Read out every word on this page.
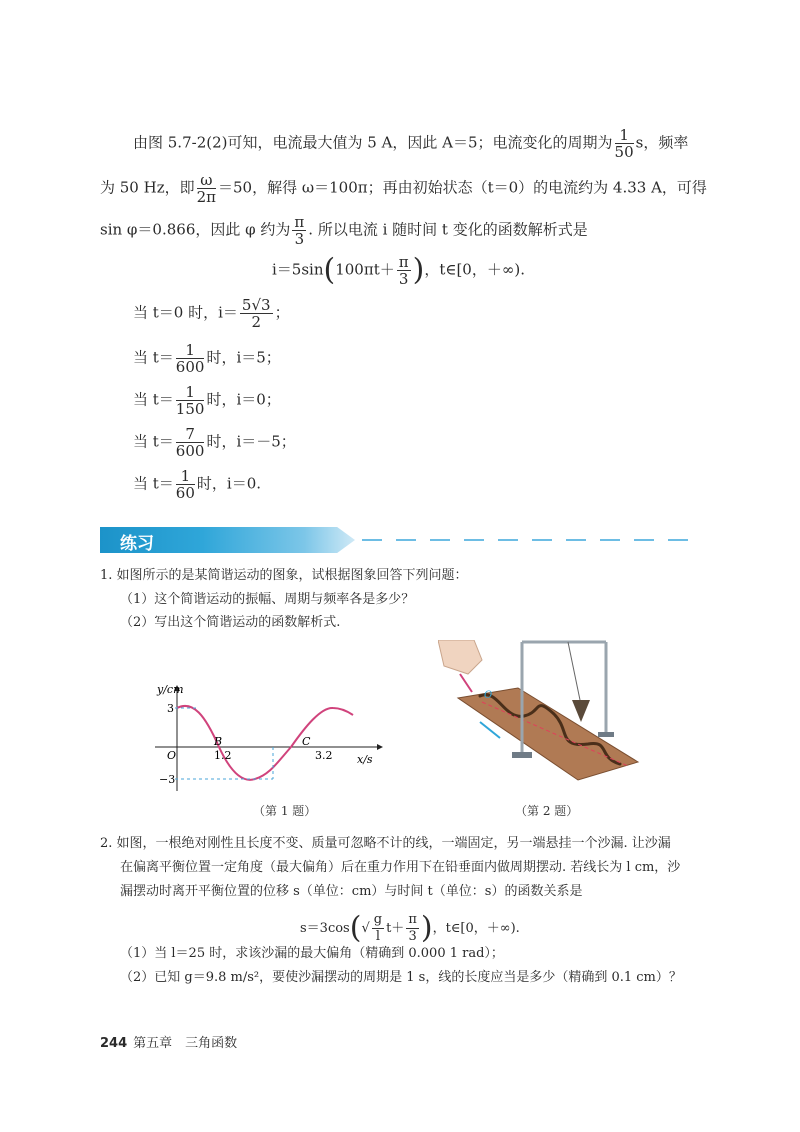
由图 5.7-2(2)可知，电流最大值为 5 A，因此 A＝5；电流变化的周期为 $\frac{1}{50}$ s，频率
为 50 Hz，即 $\frac{\omega}{2\pi} =50$，解得 ω＝100π；再由初始状态（t＝0）的电流约为 4.33 A，可得
sin φ＝0.866，因此 φ 约为 $\frac{\pi}{3}$ . 所以电流 i 随时间 t 变化的函数解析式是
$i=5\sin(100\pi t+ \frac{\pi}{3}$ )，t∈[0，＋∞).
当 t＝0 时，$i= \frac{5√3}{2}$ ；
当 $t= \frac{1}{600}$ 时，i＝5；
当 $t= \frac{1}{150}$ 时，i＝0；
当 $t= \frac{7}{600}$ 时，i＝－5；
当 $t= \frac{1}{60}$ 时，i＝0.
练习
1. 如图所示的是某简谐运动的图象，试根据图象回答下列问题：
（1）这个简谐运动的振幅、周期与频率各是多少？
（2）写出这个简谐运动的函数解析式.
y/cm
x/s
O
3
−3
1.2	3.2
B	C
（第 1 题）
O
（第 2 题）
2. 如图，一根绝对刚性且长度不变、质量可忽略不计的线，一端固定，另一端悬挂一个沙漏. 让沙漏
在偏离平衡位置一定角度（最大偏角）后在重力作用下在铅垂面内做周期摆动. 若线长为 l cm，沙
漏摆动时离开平衡位置的位移 s（单位：cm）与时间 t（单位：s）的函数关系是
$s=3\cos(√ \frac{g}{l} t+ \frac{\pi}{3}$ )，t∈[0，＋∞).
（1）当 l＝25 时，求该沙漏的最大偏角（精确到 0.000 1 rad）；
（2）已知 g＝9.8 m/s²，要使沙漏摆动的周期是 1 s，线的长度应当是多少（精确到 0.1 cm）？
244 第五章　三角函数
